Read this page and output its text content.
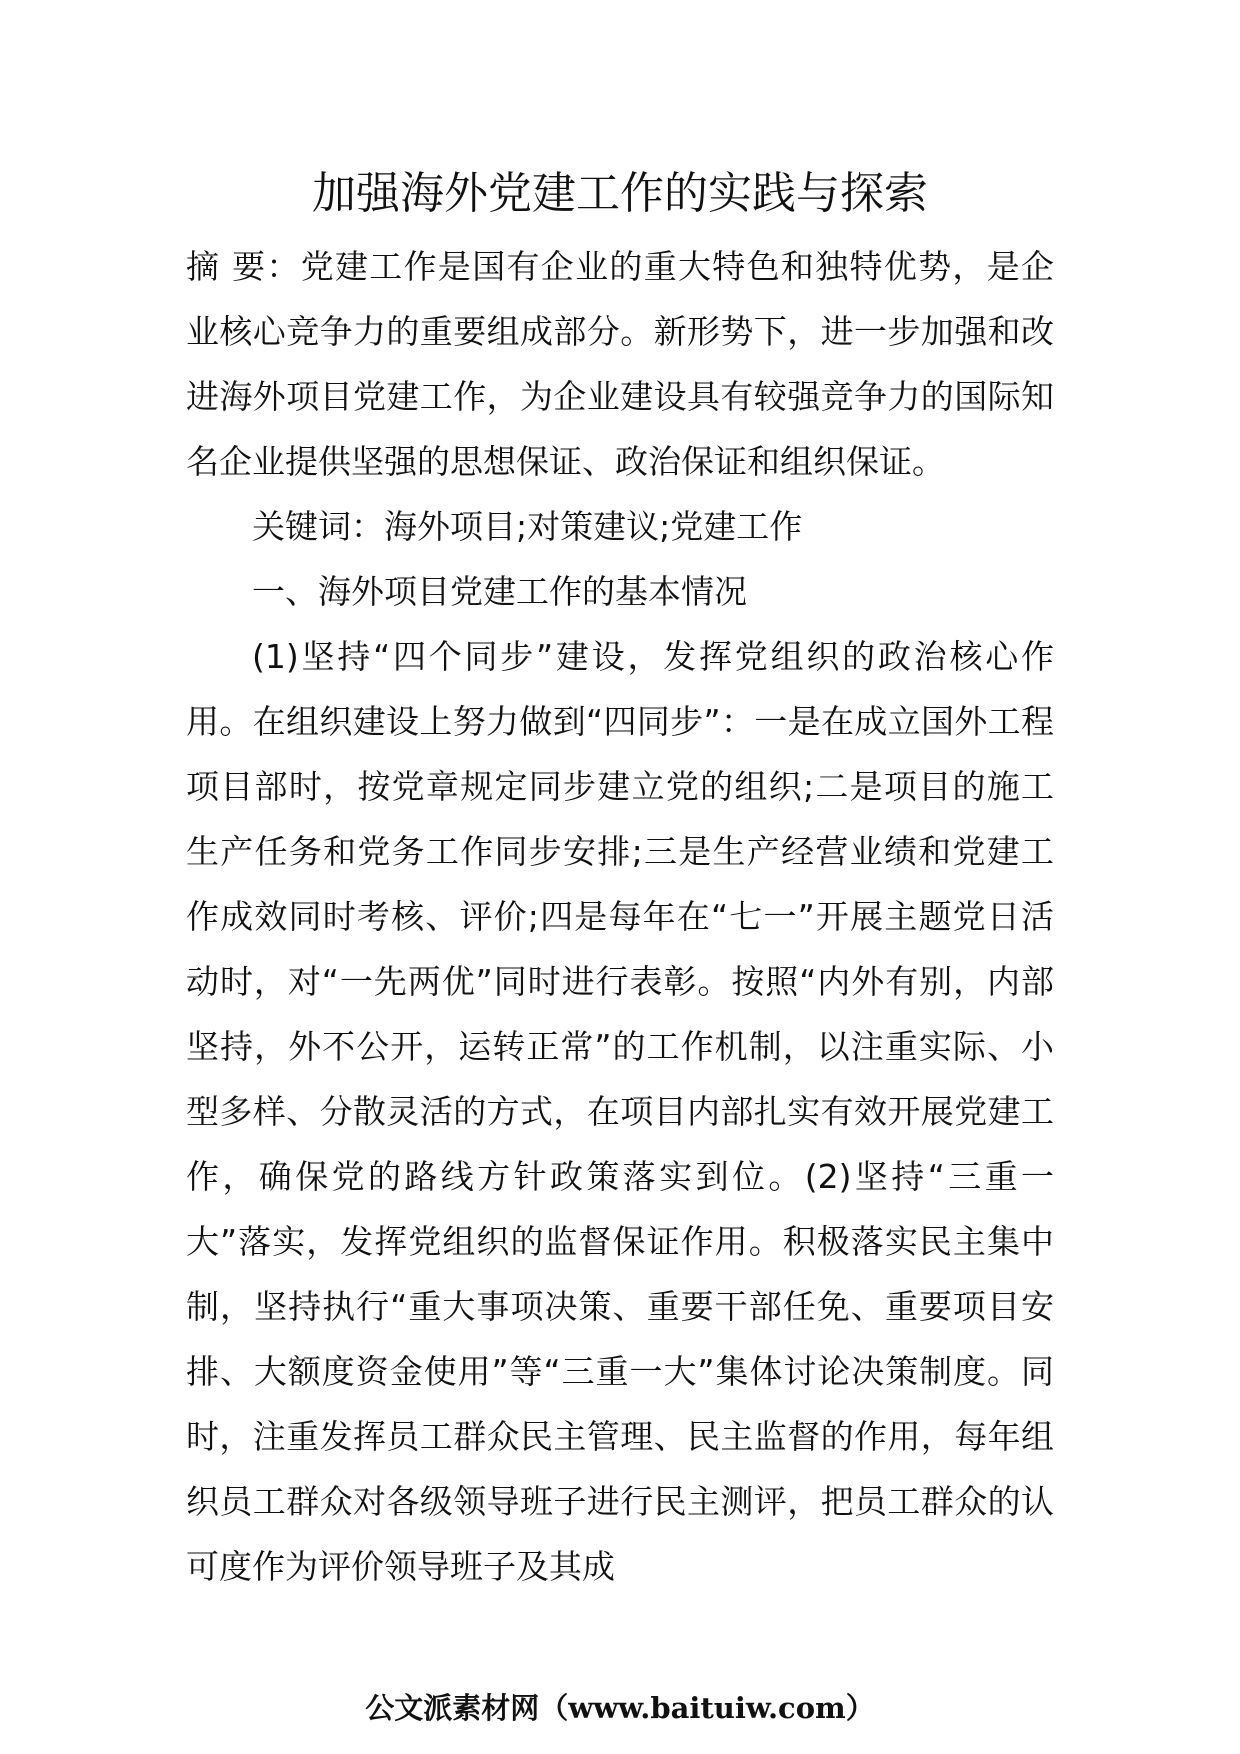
加强海外党建工作的实践与探索

摘 要：党建工作是国有企业的重大特色和独特优势，是企业核心竞争力的重要组成部分。新形势下，进一步加强和改进海外项目党建工作，为企业建设具有较强竞争力的国际知名企业提供坚强的思想保证、政治保证和组织保证。

关键词：海外项目;对策建议;党建工作

一、海外项目党建工作的基本情况

(1)坚持“四个同步”建设，发挥党组织的政治核心作用。在组织建设上努力做到“四同步”：一是在成立国外工程项目部时，按党章规定同步建立党的组织;二是项目的施工生产任务和党务工作同步安排;三是生产经营业绩和党建工作成效同时考核、评价;四是每年在“七一”开展主题党日活动时，对“一先两优”同时进行表彰。按照“内外有别，内部坚持，外不公开，运转正常”的工作机制，以注重实际、小型多样、分散灵活的方式，在项目内部扎实有效开展党建工作，确保党的路线方针政策落实到位。(2)坚持“三重一大”落实，发挥党组织的监督保证作用。积极落实民主集中制，坚持执行“重大事项决策、重要干部任免、重要项目安排、大额度资金使用”等“三重一大”集体讨论决策制度。同时，注重发挥员工群众民主管理、民主监督的作用，每年组织员工群众对各级领导班子进行民主测评，把员工群众的认可度作为评价领导班子及其成

公文派素材网（www.baituiw.com）
